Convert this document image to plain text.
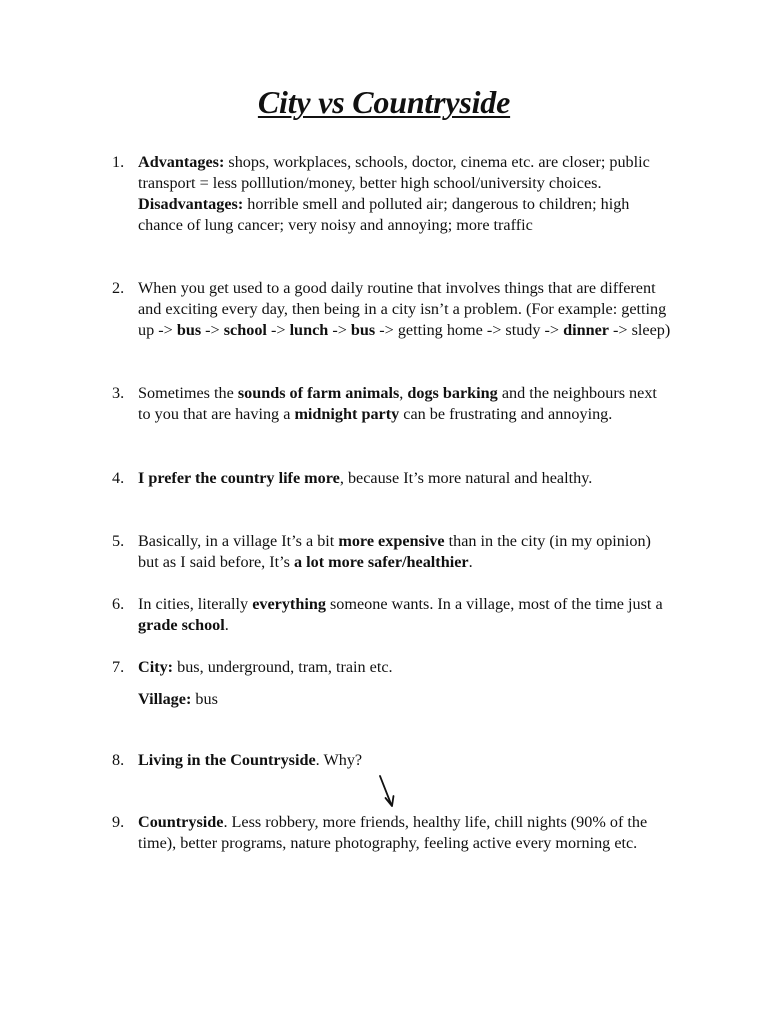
City vs Countryside
1. Advantages: shops, workplaces, schools, doctor, cinema etc. are closer; public transport = less polllution/money, better high school/university choices.

Disadvantages: horrible smell and polluted air; dangerous to children; high chance of lung cancer; very noisy and annoying; more traffic

2. When you get used to a good daily routine that involves things that are different and exciting every day, then being in a city isn’t a problem. (For example: getting up -> bus -> school -> lunch -> bus -> getting home -> study -> dinner -> sleep)

3. Sometimes the sounds of farm animals, dogs barking and the neighbours next to you that are having a midnight party can be frustrating and annoying.

4. I prefer the country life more, because It’s more natural and healthy.

5. Basically, in a village It’s a bit more expensive than in the city (in my opinion) but as I said before, It’s a lot more safer/healthier.

6. In cities, literally everything someone wants. In a village, most of the time just a grade school.

7. City: bus, underground, tram, train etc.

Village: bus
8. Living in the Countryside. Why?

9. Countryside. Less robbery, more friends, healthy life, chill nights (90% of the time), better programs, nature photography, feeling active every morning etc.
